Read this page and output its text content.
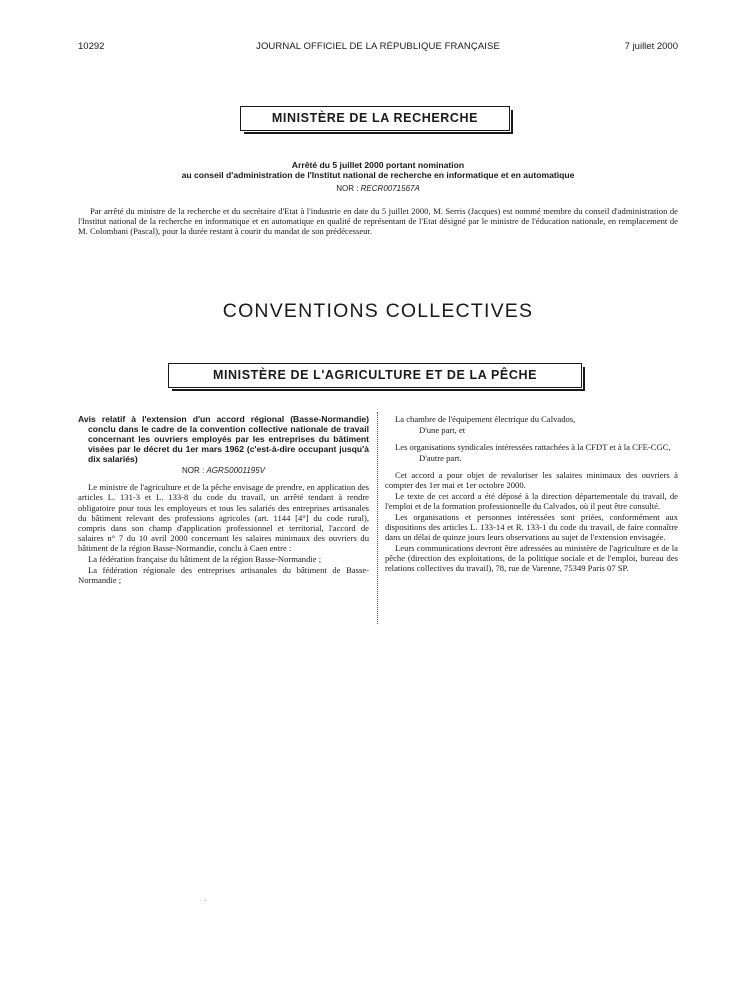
10292	JOURNAL OFFICIEL DE LA RÉPUBLIQUE FRANÇAISE	7 juillet 2000
MINISTÈRE DE LA RECHERCHE
Arrêté du 5 juillet 2000 portant nomination
au conseil d'administration de l'Institut national de recherche en informatique et en automatique
NOR : RECR0071567A

Par arrêté du ministre de la recherche et du secrétaire d'Etat à l'industrie en date du 5 juillet 2000, M. Serris (Jacques) est nommé membre du conseil d'administration de l'Institut national de la recherche en informatique et en automatique en qualité de représentant de l'Etat désigné par le ministre de l'éducation nationale, en remplacement de M. Colombani (Pascal), pour la durée restant à courir du mandat de son prédécesseur.

CONVENTIONS COLLECTIVES
MINISTÈRE DE L'AGRICULTURE ET DE LA PÊCHE
Avis relatif à l'extension d'un accord régional (Basse-Normandie) conclu dans le cadre de la convention collective nationale de travail concernant les ouvriers employés par les entreprises du bâtiment visées par le décret du 1er mars 1962 (c'est-à-dire occupant jusqu'à dix salariés)
NOR : AGRS0001195V

Le ministre de l'agriculture et de la pêche envisage de prendre, en application des articles L. 131-3 et L. 133-8 du code du travail, un arrêté tendant à rendre obligatoire pour tous les employeurs et tous les salariés des entreprises artisanales du bâtiment relevant des professions agricoles (art. 1144 [4°] du code rural), compris dans son champ d'application professionnel et territorial, l'accord de salaires n° 7 du 10 avril 2000 concernant les salaires minimaux des ouvriers du bâtiment de la région Basse-Normandie, conclu à Caen entre :

La fédération française du bâtiment de la région Basse-Normandie ;

La fédération régionale des entreprises artisanales du bâtiment de Basse-Normandie ;

La chambre de l'équipement électrique du Calvados,

D'une part, et

Les organisations syndicales intéressées rattachées à la CFDT et à la CFE-CGC,

D'autre part.

Cet accord a pour objet de revaloriser les salaires minimaux des ouvriers à compter des 1er mai et 1er octobre 2000.

Le texte de cet accord a été déposé à la direction départementale du travail, de l'emploi et de la formation professionnelle du Calvados, où il peut être consulté.

Les organisations et personnes intéressées sont priées, conformément aux dispositions des articles L. 133-14 et R. 133-1 du code du travail, de faire connaître dans un délai de quinze jours leurs observations au sujet de l'extension envisagée.

Leurs communications devront être adressées au ministère de l'agriculture et de la pêche (direction des exploitations, de la politique sociale et de l'emploi, bureau des relations collectives du travail), 78, rue de Varenne, 75349 Paris 07 SP.
